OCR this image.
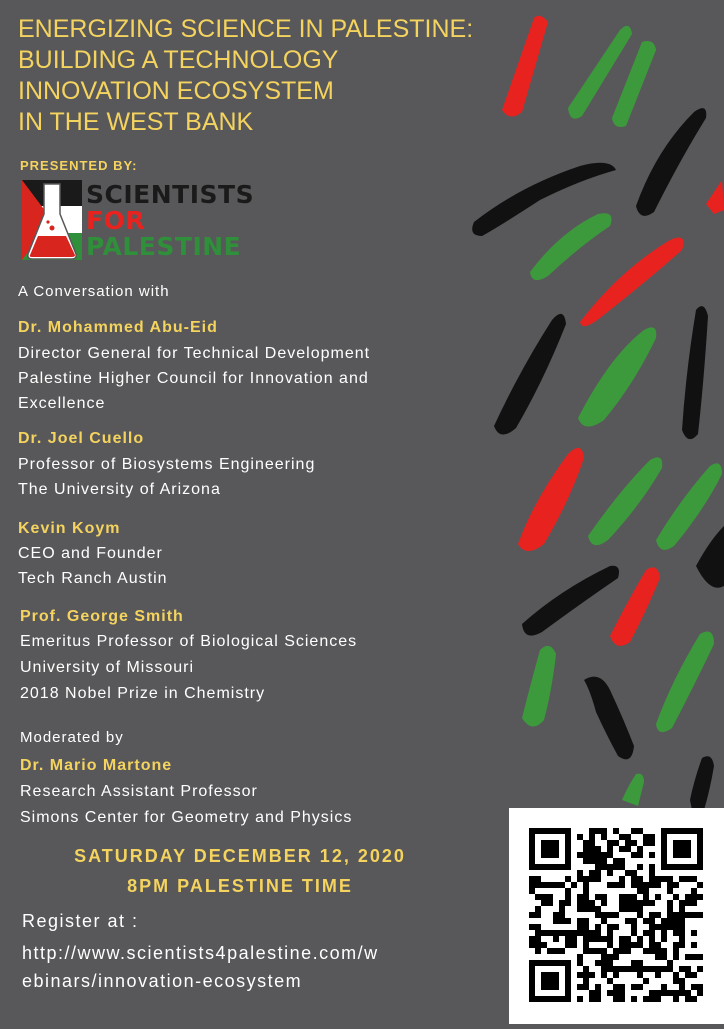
ENERGIZING SCIENCE IN PALESTINE:
BUILDING A TECHNOLOGY
INNOVATION ECOSYSTEM
IN THE WEST BANK
PRESENTED BY:
SCIENTISTS
FOR
PALESTINE
A Conversation with
Dr. Mohammed Abu-Eid
Director General for Technical Development
Palestine Higher Council for Innovation and
Excellence
Dr. Joel Cuello
Professor of Biosystems Engineering
The University of Arizona
Kevin Koym
CEO and Founder
Tech Ranch Austin
Prof. George Smith
Emeritus Professor of Biological Sciences
University of Missouri
2018 Nobel Prize in Chemistry
Moderated by
Dr. Mario Martone
Research Assistant Professor
Simons Center for Geometry and Physics
SATURDAY DECEMBER 12, 2020
8PM PALESTINE TIME
Register at :
http://www.scientists4palestine.com/w
ebinars/innovation-ecosystem
